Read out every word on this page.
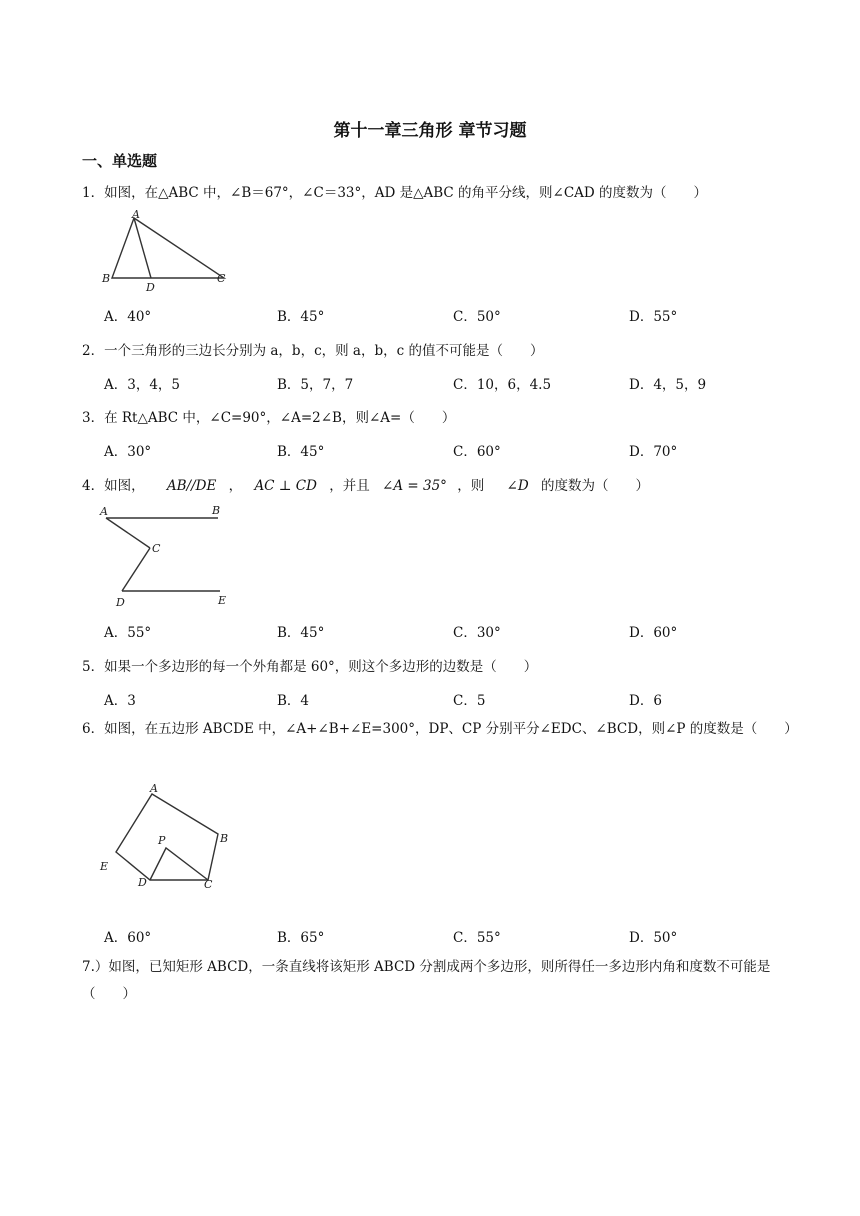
第十一章三角形 章节习题
一、单选题
1．如图，在△ABC 中，∠B＝67°，∠C＝33°，AD 是△ABC 的角平分线，则∠CAD 的度数为（　　）
A
B
D
C
A．40°	B．45°	C．50°	D．55°
2．一个三角形的三边长分别为 a，b，c，则 a，b，c 的值不可能是（　　）
A．3，4，5	B．5，7，7	C．10，6，4.5	D．4，5，9
3．在 Rt△ABC 中，∠C=90°，∠A=2∠B，则∠A=（　　）
A．30°	B．45°	C．60°	D．70°
4．如图， AB//DE ， AC ⊥ CD ，并且 ∠A = 35° ，则 ∠D 的度数为（　　）
A	B
C
D	E
A．55°	B．45°	C．30°	D．60°
5．如果一个多边形的每一个外角都是 60°，则这个多边形的边数是（　　）
A．3	B．4	C．5	D．6
6．如图，在五边形 ABCDE 中，∠A+∠B+∠E=300°，DP、CP 分别平分∠EDC、∠BCD，则∠P 的度数是（　　）
A
B
P
E
D	C
A．60°	B．65°	C．55°	D．50°
7.）如图，已知矩形 ABCD，一条直线将该矩形 ABCD 分割成两个多边形，则所得任一多边形内角和度数不可能是（　　）
